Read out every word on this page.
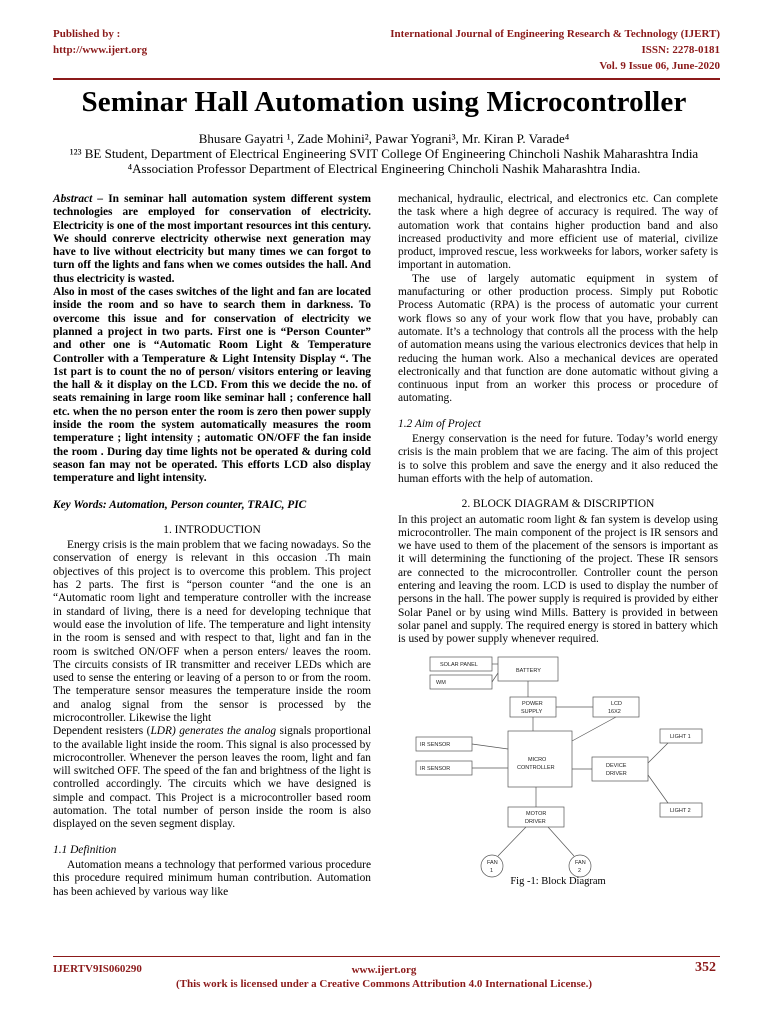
Published by :
http://www.ijert.org
International Journal of Engineering Research & Technology (IJERT)
ISSN: 2278-0181
Vol. 9 Issue 06, June-2020
Seminar Hall Automation using Microcontroller
Bhusare Gayatri ¹, Zade Mohini², Pawar Yograni³, Mr. Kiran P. Varade⁴
¹²³ BE Student, Department of Electrical Engineering SVIT College Of Engineering Chincholi Nashik Maharashtra India
⁴Association Professor Department of Electrical Engineering Chincholi Nashik Maharashtra India.

Abstract – In seminar hall automation system different system technologies are employed for conservation of electricity. Electricity is one of the most important resources int this century. We should conrerve electricity otherwise next generation may have to live without electricity but many times we can forgot to turn off the lights and fans when we comes outsides the hall. And thus electricity is wasted.

Also in most of the cases switches of the light and fan are located inside the room and so have to search them in darkness. To overcome this issue and for conservation of electricity we planned a project in two parts. First one is “Person Counter” and other one is “Automatic Room Light & Temperature Controller with a Temperature & Light Intensity Display “. The 1st part is to count the no of person/ visitors entering or leaving the hall & it display on the LCD. From this we decide the no. of seats remaining in large room like seminar hall ; conference hall etc. when the no person enter the room is zero then power supply inside the room the system automatically measures the room temperature ; light intensity ; automatic ON/OFF the fan inside the room . During day time lights not be operated & during cold season fan may not be operated. This efforts LCD also display temperature and light intensity.

Key Words: Automation, Person counter, TRAIC, PIC

1. INTRODUCTION

Energy crisis is the main problem that we facing nowadays. So the conservation of energy is relevant in this occasion .Th main objectives of this project is to overcome this problem. This project has 2 parts. The first is “person counter “and the one is an “Automatic room light and temperature controller with the increase in standard of living, there is a need for developing technique that would ease the involution of life. The temperature and light intensity in the room is sensed and with respect to that, light and fan in the room is switched ON/OFF when a person enters/ leaves the room. The circuits consists of IR transmitter and receiver LEDs which are used to sense the entering or leaving of a person to or from the room. The temperature sensor measures the temperature inside the room and analog signal from the sensor is processed by the microcontroller. Likewise the light

Dependent resisters (LDR) generates the analog signals proportional to the available light inside the room. This signal is also processed by microcontroller. Whenever the person leaves the room, light and fan will switched OFF. The speed of the fan and brightness of the light is controlled accordingly. The circuits which we have designed is simple and compact. This Project is a microcontroller based room automation. The total number of person inside the room is also displayed on the seven segment display.

1.1 Definition

Automation means a technology that performed various procedure this procedure required minimum human contribution. Automation has been achieved by various way like

mechanical, hydraulic, electrical, and electronics etc. Can complete the task where a high degree of accuracy is required. The way of automation work that contains higher production band and also increased productivity and more efficient use of material, civilize product, improved rescue, less workweeks for labors, worker safety is important in automation.

The use of largely automatic equipment in system of manufacturing or other production process. Simply put Robotic Process Automatic (RPA) is the process of automatic your current work flows so any of your work flow that you have, probably can automate. It’s a technology that controls all the process with the help of automation means using the various electronics devices that help in reducing the human work. Also a mechanical devices are operated electronically and that function are done automatic without giving a continuous input from an worker this process or procedure of automating.

1.2 Aim of Project

Energy conservation is the need for future. Today’s world energy crisis is the main problem that we are facing. The aim of this project is to solve this problem and save the energy and it also reduced the human efforts with the help of automation.

2. BLOCK DIAGRAM & DISCRIPTION

In this project an automatic room light & fan system is develop using microcontroller. The main component of the project is IR sensors and we have used to them of the placement of the sensors is important as it will determining the functioning of the project. These IR sensors are connected to the microcontroller. Controller count the person entering and leaving the room. LCD is used to display the number of persons in the hall. The power supply is required is provided by either Solar Panel or by using wind Mills. Battery is provided in between solar panel and supply. The required energy is stored in battery which is used by power supply whenever required.

SOLAR PANEL
BATTERY
WM
POWER
SUPPLY
LCD
16X2
IR SENSOR
IR SENSOR
MICRO
CONTROLLER	DEVICE
DRIVER
LIGHT 1
LIGHT 2
MOTOR
DRIVER
FAN
1
FAN
2
Fig -1: Block Diagram
IJERTV9IS060290	www.ijert.org
(This work is licensed under a Creative Commons Attribution 4.0 International License.)
352
